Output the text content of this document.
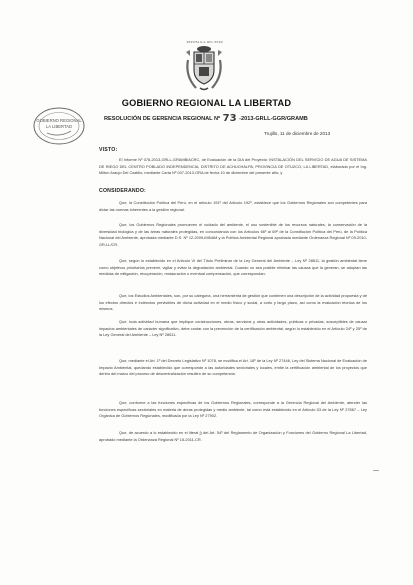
REPUBLICA DEL PERU
GOBIERNO REGIONAL LA LIBERTAD
RESOLUCIÓN DE GERENCIA REGIONAL Nº 73 -2013-GRLL-GGR/GRAMB
GOBIERNO REGIONAL
LA LIBERTAD
Trujillo, 11 de diciembre de 2013
VISTO:
El Informe Nº 078-2013-GRLL-GRAMB/ACRC, de Evaluación de la DIA del Proyecto: INSTALACIÓN DEL SERVICIO DE AGUA DE SISTEMA DE RIEGO DEL CENTRO POBLADO INDEPENDENCIA, DISTRITO DE ACHUCHALPA, PROVINCIA DE OTUZCO, LA LIBERTAD, elaborado por el Ing. Milton Araujo Del Castillo, mediante Carta Nº 007-2013-GRA de fecha 10 de diciembre del presente año; y
CONSIDERANDO:
Que, la Constitución Política del Perú, en el artículo 191º del Artículo 192º, establece que los Gobiernos Regionales son competentes para dictar las normas inherentes a la gestión regional.
Que, los Gobiernos Regionales promueven el cuidado del ambiente, el uso sostenible de los recursos naturales, la conservación de la diversidad biológica y de las áreas naturales protegidas, en concordancia con los Artículos 66º al 69º de la Constitución Política del Perú, de la Política Nacional del Ambiente, aprobada mediante D.S. Nº 12-2009-MINAM y la Política Ambiental Regional aprobada mediante Ordenanza Regional Nº 09-2010-GR-LL/CR.
Que, según lo establecido en el Artículo VI del Título Preliminar de la Ley General del Ambiente – Ley Nº 28611, la gestión ambiental tiene como objetivos prioritarios prevenir, vigilar y evitar la degradación ambiental. Cuando no sea posible eliminar las causas que la generan, se adoptan las medidas de mitigación, recuperación, restauración o eventual compensación, que correspondan.
Que, los Estudios Ambientales, son, por su categoría, una herramienta de gestión que contienen una descripción de la actividad propuesta y de los efectos directos e indirectos previsibles de dicha actividad en el medio físico y social, a corto y largo plazo, así como la evaluación técnica de los mismos.
Que, toda actividad humana que implique construcciones, obras, servicios y otras actividades, públicas o privadas, susceptibles de causar impactos ambientales de carácter significativo, debe contar con la prevención de la certificación ambiental, según lo establecido en el Artículo 24º y 25º de la Ley General del Ambiente – Ley Nº 28611.
Que, mediante el Art. 1º del Decreto Legislativo Nº 1078, se modifica el Art. 18º de la Ley Nº 27446, Ley del Sistema Nacional de Evaluación de Impacto Ambiental, quedando establecido que corresponde a las autoridades sectoriales y locales, emitir la certificación ambiental de los proyectos que dentro del marco del proceso de descentralización resulten de su competencia.
Que, conforme a las funciones específicas de los Gobiernos Regionales, corresponde a la Gerencia Regional del Ambiente, atender las funciones específicas sectoriales en materia de áreas protegidas y medio ambiente, tal como está establecido en el Artículo 53 de la Ley Nº 27867 – Ley Orgánica de Gobiernos Regionales, modificada por la Ley Nº 27902.
Que, de acuerdo a lo establecido en el literal j) del Art. 54º del Reglamento de Organización y Funciones del Gobierno Regional La Libertad, aprobado mediante la Ordenanza Regional Nº 15-2011-CR.
